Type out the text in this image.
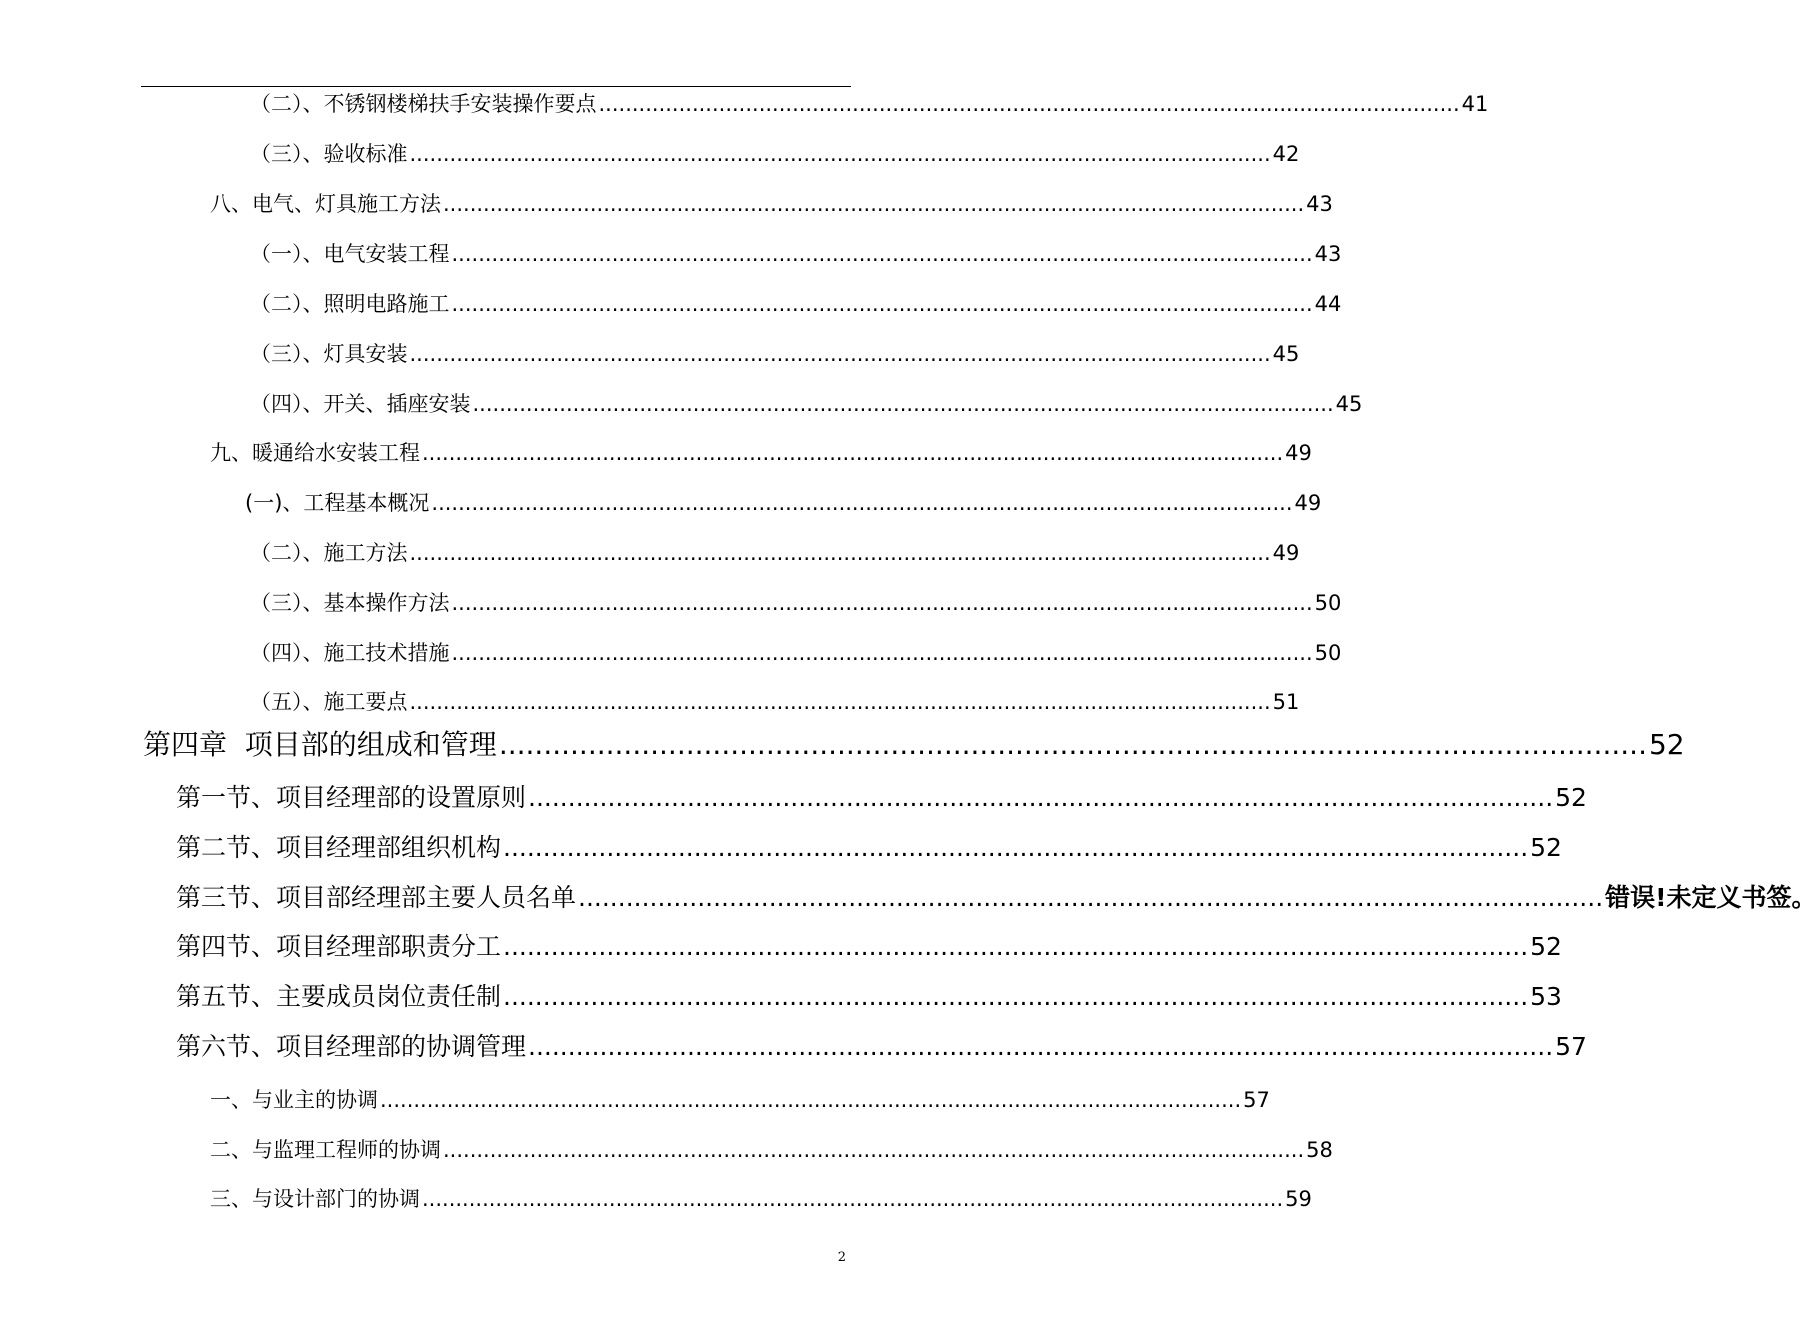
（二）、不锈钢楼梯扶手安装操作要点 ................................................................................................................................. 41
（三）、验收标准 ................................................................................................................................. 42
八、电气、灯具施工方法 ................................................................................................................................. 43
（一）、电气安装工程 ................................................................................................................................. 43
（二）、照明电路施工 ................................................................................................................................. 44
（三）、灯具安装 ................................................................................................................................. 45
（四）、开关、插座安装 ................................................................................................................................. 45
九、暖通给水安装工程 ................................................................................................................................. 49
(一)、工程基本概况 ................................................................................................................................. 49
（二）、施工方法 ................................................................................................................................. 49
（三）、基本操作方法 ................................................................................................................................. 50
（四）、施工技术措施 ................................................................................................................................. 50
（五）、施工要点 ................................................................................................................................. 51
第四章  项目部的组成和管理 ................................................................................................................................. 52
第一节、项目经理部的设置原则 ................................................................................................................................. 52
第二节、项目经理部组织机构 ................................................................................................................................. 52
第三节、项目部经理部主要人员名单 ................................................................................................................................. 错误!未定义书签。
第四节、项目经理部职责分工 ................................................................................................................................. 52
第五节、主要成员岗位责任制 ................................................................................................................................. 53
第六节、项目经理部的协调管理 ................................................................................................................................. 57
一、与业主的协调 ................................................................................................................................. 57
二、与监理工程师的协调 ................................................................................................................................. 58
三、与设计部门的协调 ................................................................................................................................. 59
2
